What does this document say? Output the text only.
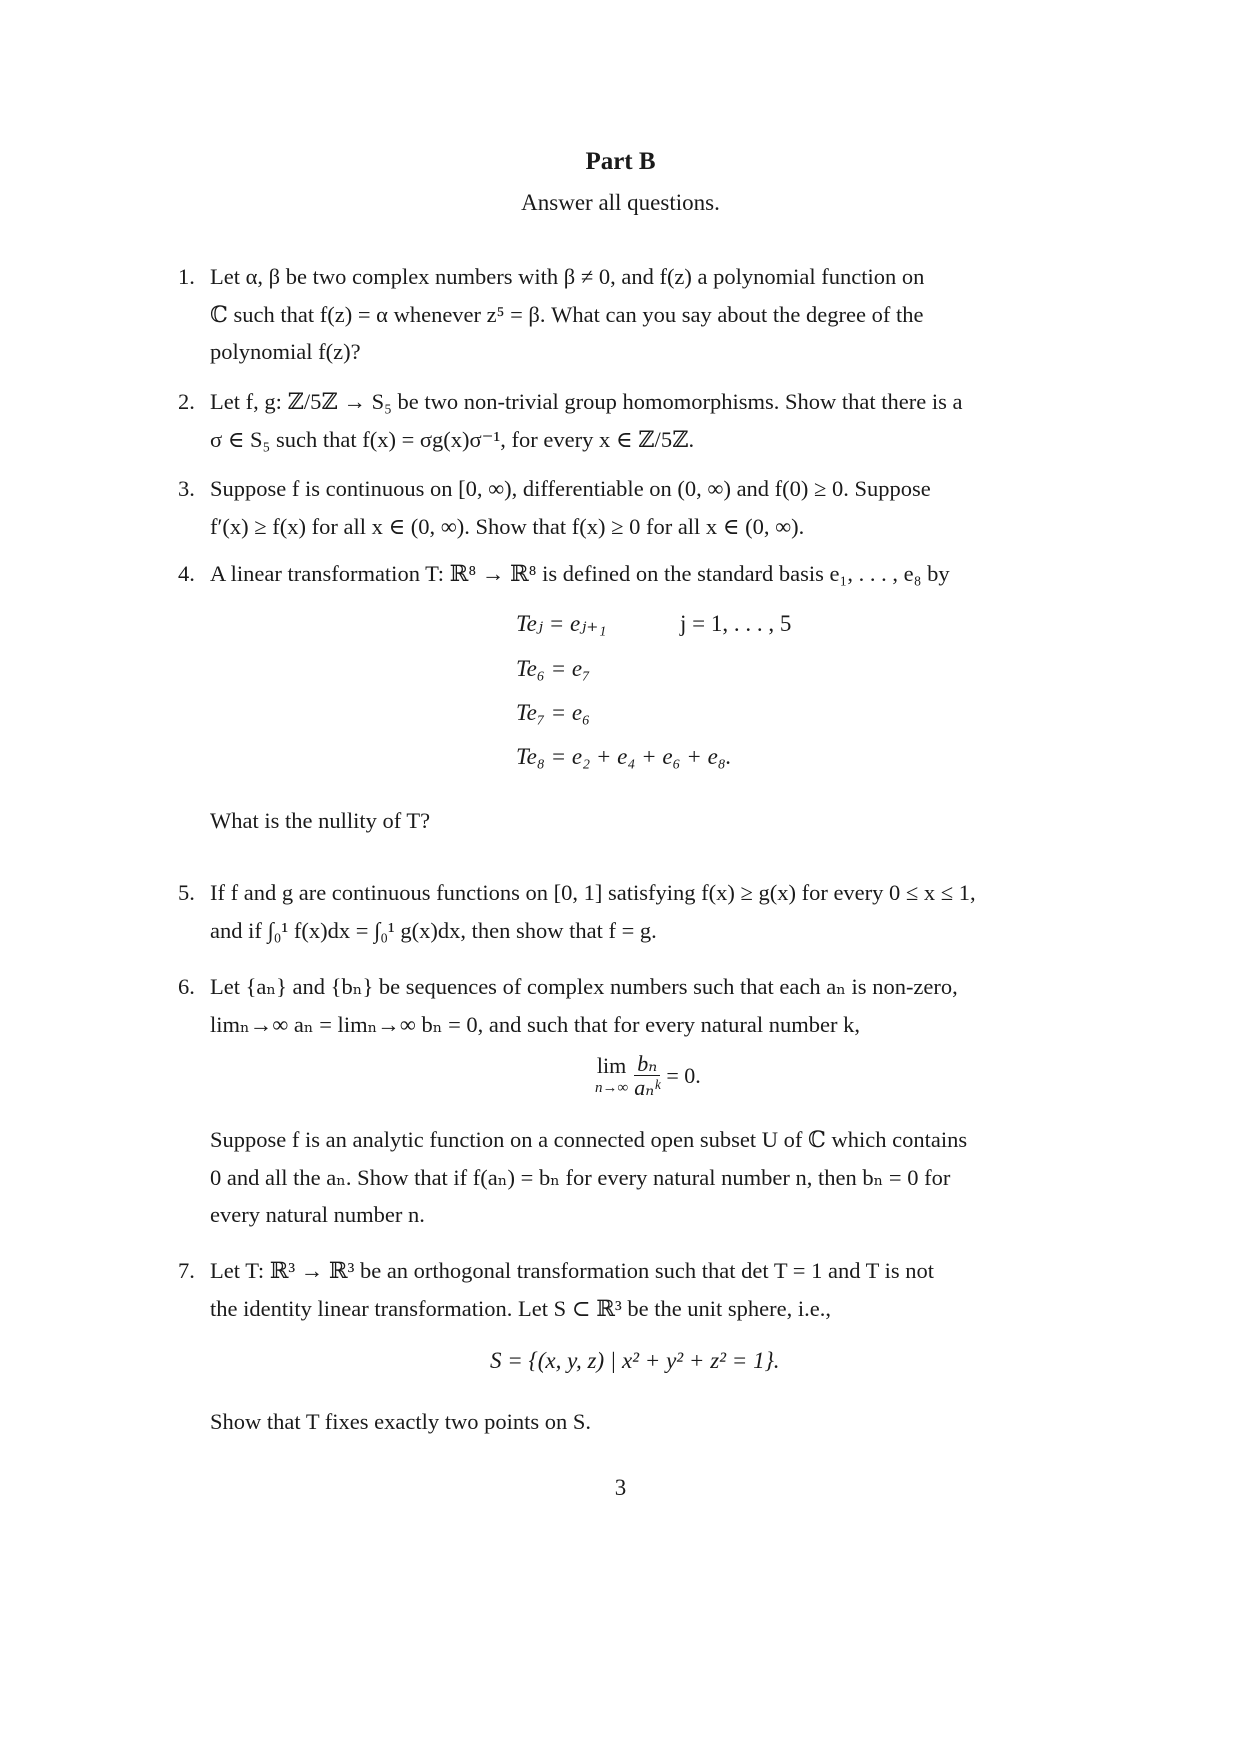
Part B
Answer all questions.
1. Let α, β be two complex numbers with β ≠ 0, and f(z) a polynomial function on
ℂ such that f(z) = α whenever z⁵ = β. What can you say about the degree of the
polynomial f(z)?
2. Let f, g: ℤ/5ℤ → S₅ be two non-trivial group homomorphisms. Show that there is a
σ ∈ S₅ such that f(x) = σg(x)σ⁻¹, for every x ∈ ℤ/5ℤ.
3. Suppose f is continuous on [0, ∞), differentiable on (0, ∞) and f(0) ≥ 0. Suppose
f′(x) ≥ f(x) for all x ∈ (0, ∞). Show that f(x) ≥ 0 for all x ∈ (0, ∞).
4. A linear transformation T: ℝ⁸ → ℝ⁸ is defined on the standard basis e₁, . . . , e₈ by
Teⱼ = eⱼ₊₁	j = 1, . . . , 5
Te₆ = e₇
Te₇ = e₆
Te₈ = e₂ + e₄ + e₆ + e₈.
What is the nullity of T?
5. If f and g are continuous functions on [0, 1] satisfying f(x) ≥ g(x) for every 0 ≤ x ≤ 1,
and if ∫₀¹ f(x)dx = ∫₀¹ g(x)dx, then show that f = g.
6. Let {aₙ} and {bₙ} be sequences of complex numbers such that each aₙ is non-zero,
limₙ→∞ aₙ = limₙ→∞ bₙ = 0, and such that for every natural number k,
lim
$n\to\infty \frac{\text{bₙ}}{\text{aₙᵏ}} = 0$.
Suppose f is an analytic function on a connected open subset U of ℂ which contains
0 and all the aₙ. Show that if f(aₙ) = bₙ for every natural number n, then bₙ = 0 for
every natural number n.
7. Let T: ℝ³ → ℝ³ be an orthogonal transformation such that det T = 1 and T is not
the identity linear transformation. Let S ⊂ ℝ³ be the unit sphere, i.e.,
S = {(x, y, z) | x² + y² + z² = 1}.
Show that T fixes exactly two points on S.
3
